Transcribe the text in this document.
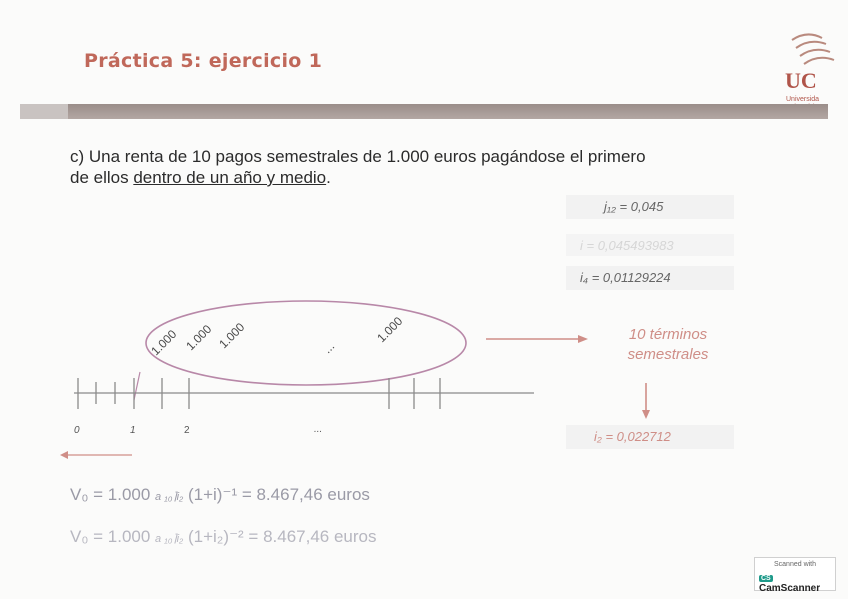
Práctica 5: ejercicio 1
UC
Universida
c) Una renta de 10 pagos semestrales de 1.000 euros pagándose el primero
de ellos dentro de un año y medio.
j₁₂ = 0,045
i = 0,045493983
i₄ = 0,01129224
1.000 1.000 1.000	...
1.000
0	1	2	...
10 términos
semestrales
i₂ = 0,022712
V₀ = 1.000 a ₁₀⌉i₂ (1+i)⁻¹ = 8.467,46 euros
V₀ = 1.000 a ₁₀⌉i₂ (1+i₂)⁻² = 8.467,46 euros
Scanned with
CSCamScanner
